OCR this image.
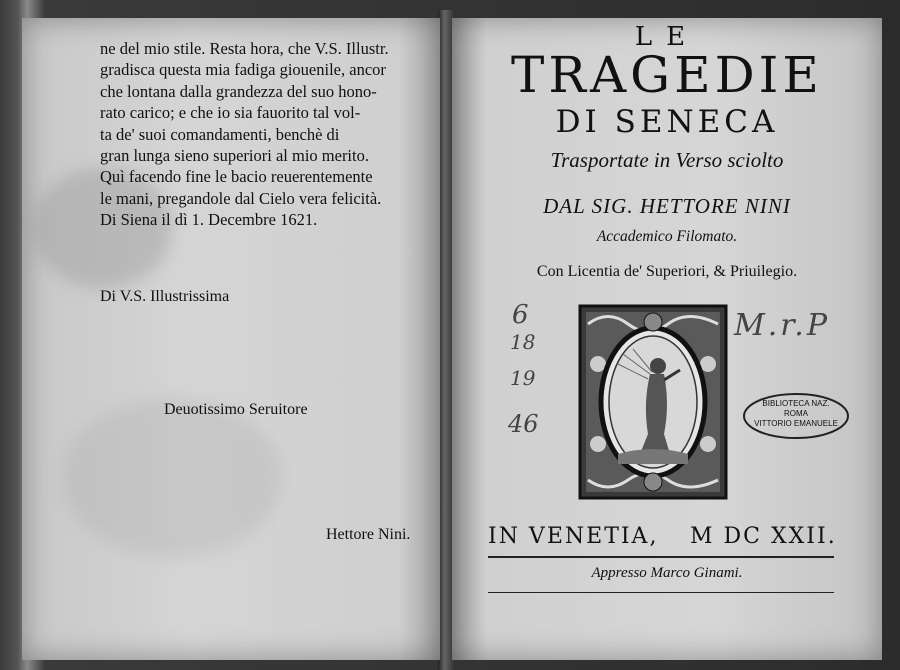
ne del mio stile. Resta hora, che V.S. Illustr.
gradisca questa mia fadiga giouenile, ancor
che lontana dalla grandezza del suo hono-
rato carico; e che io sia fauorito tal vol-
ta de' suoi comandamenti, benchè di
gran lunga sieno superiori al mio merito.
Quì facendo fine le bacio reuerentemente
le mani, pregandole dal Cielo vera felicità.
Di Siena il dì 1. Decembre 1621.
Di V.S. Illustrissima
Deuotissimo Seruitore
Hettore Nini.
LE
TRAGEDIE
DI SENECA
Trasportate in Verso sciolto
DAL SIG. HETTORE NINI
Accademico Filomato.
Con Licentia de' Superiori, & Priuilegio.
6
18
19
46
M.r.P
BIBLIOTECA NAZ.
ROMA
VITTORIO EMANUELE
IN VENETIA, M DC XXII.
Appresso Marco Ginami.
